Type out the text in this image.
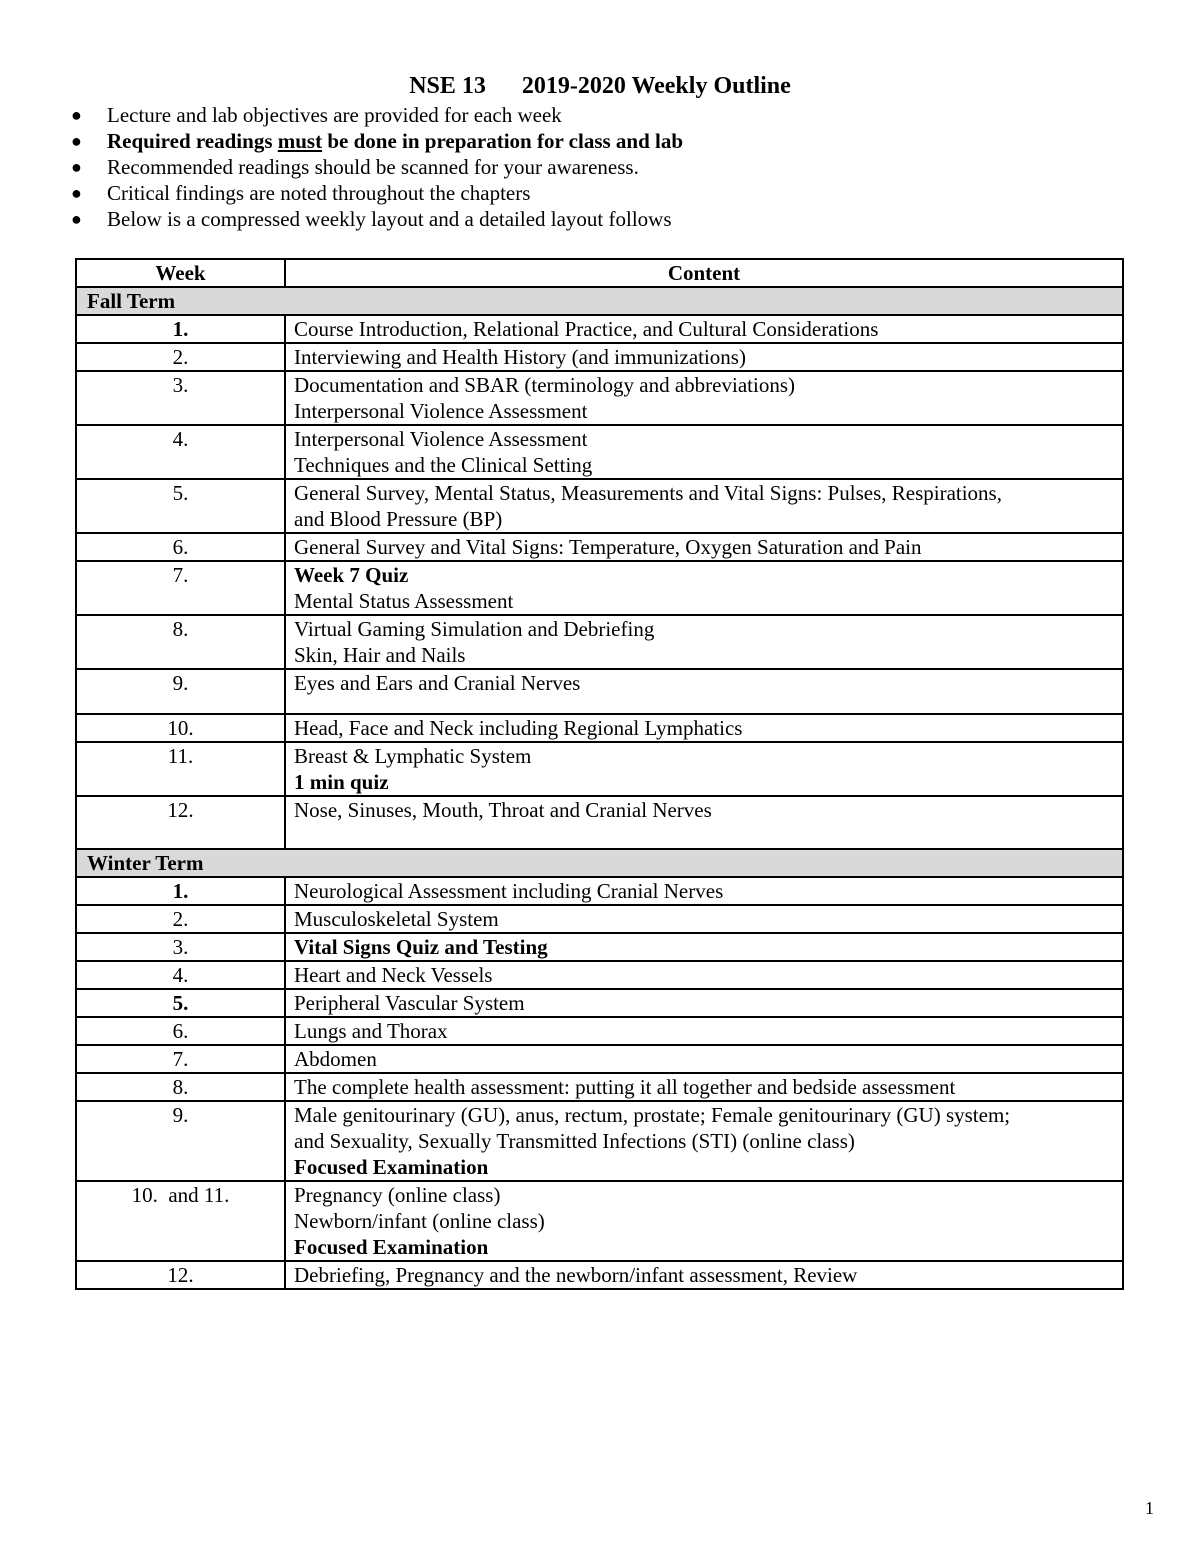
NSE 13      2019-2020 Weekly Outline
● Lecture and lab objectives are provided for each week
● Required readings must be done in preparation for class and lab
● Recommended readings should be scanned for your awareness.
● Critical findings are noted throughout the chapters
● Below is a compressed weekly layout and a detailed layout follows
Week	Content
Fall Term	
1.	Course Introduction, Relational Practice, and Cultural Considerations

2.	Interviewing and Health History (and immunizations)

3.	Documentation and SBAR (terminology and abbreviations)
Interpersonal Violence Assessment

4.	Interpersonal Violence Assessment
Techniques and the Clinical Setting

5.	General Survey, Mental Status, Measurements and Vital Signs: Pulses, Respirations,
and Blood Pressure (BP)

6.	General Survey and Vital Signs: Temperature, Oxygen Saturation and Pain

7.	Week 7 Quiz
Mental Status Assessment

8.	Virtual Gaming Simulation and Debriefing
Skin, Hair and Nails

9.	Eyes and Ears and Cranial Nerves

10.	Head, Face and Neck including Regional Lymphatics

11.	Breast & Lymphatic System
1 min quiz

12.	Nose, Sinuses, Mouth, Throat and Cranial Nerves

Winter Term	
1.	Neurological Assessment including Cranial Nerves

2.	Musculoskeletal System

3.	Vital Signs Quiz and Testing

4.	Heart and Neck Vessels

5.	Peripheral Vascular System

6.	Lungs and Thorax

7.	Abdomen

8.	The complete health assessment: putting it all together and bedside assessment

9.	Male genitourinary (GU), anus, rectum, prostate; Female genitourinary (GU) system;
and Sexuality, Sexually Transmitted Infections (STI) (online class)
Focused Examination

10.  and 11.	Pregnancy (online class)
Newborn/infant (online class)
Focused Examination

12.	Debriefing, Pregnancy and the newborn/infant assessment, Review
1
